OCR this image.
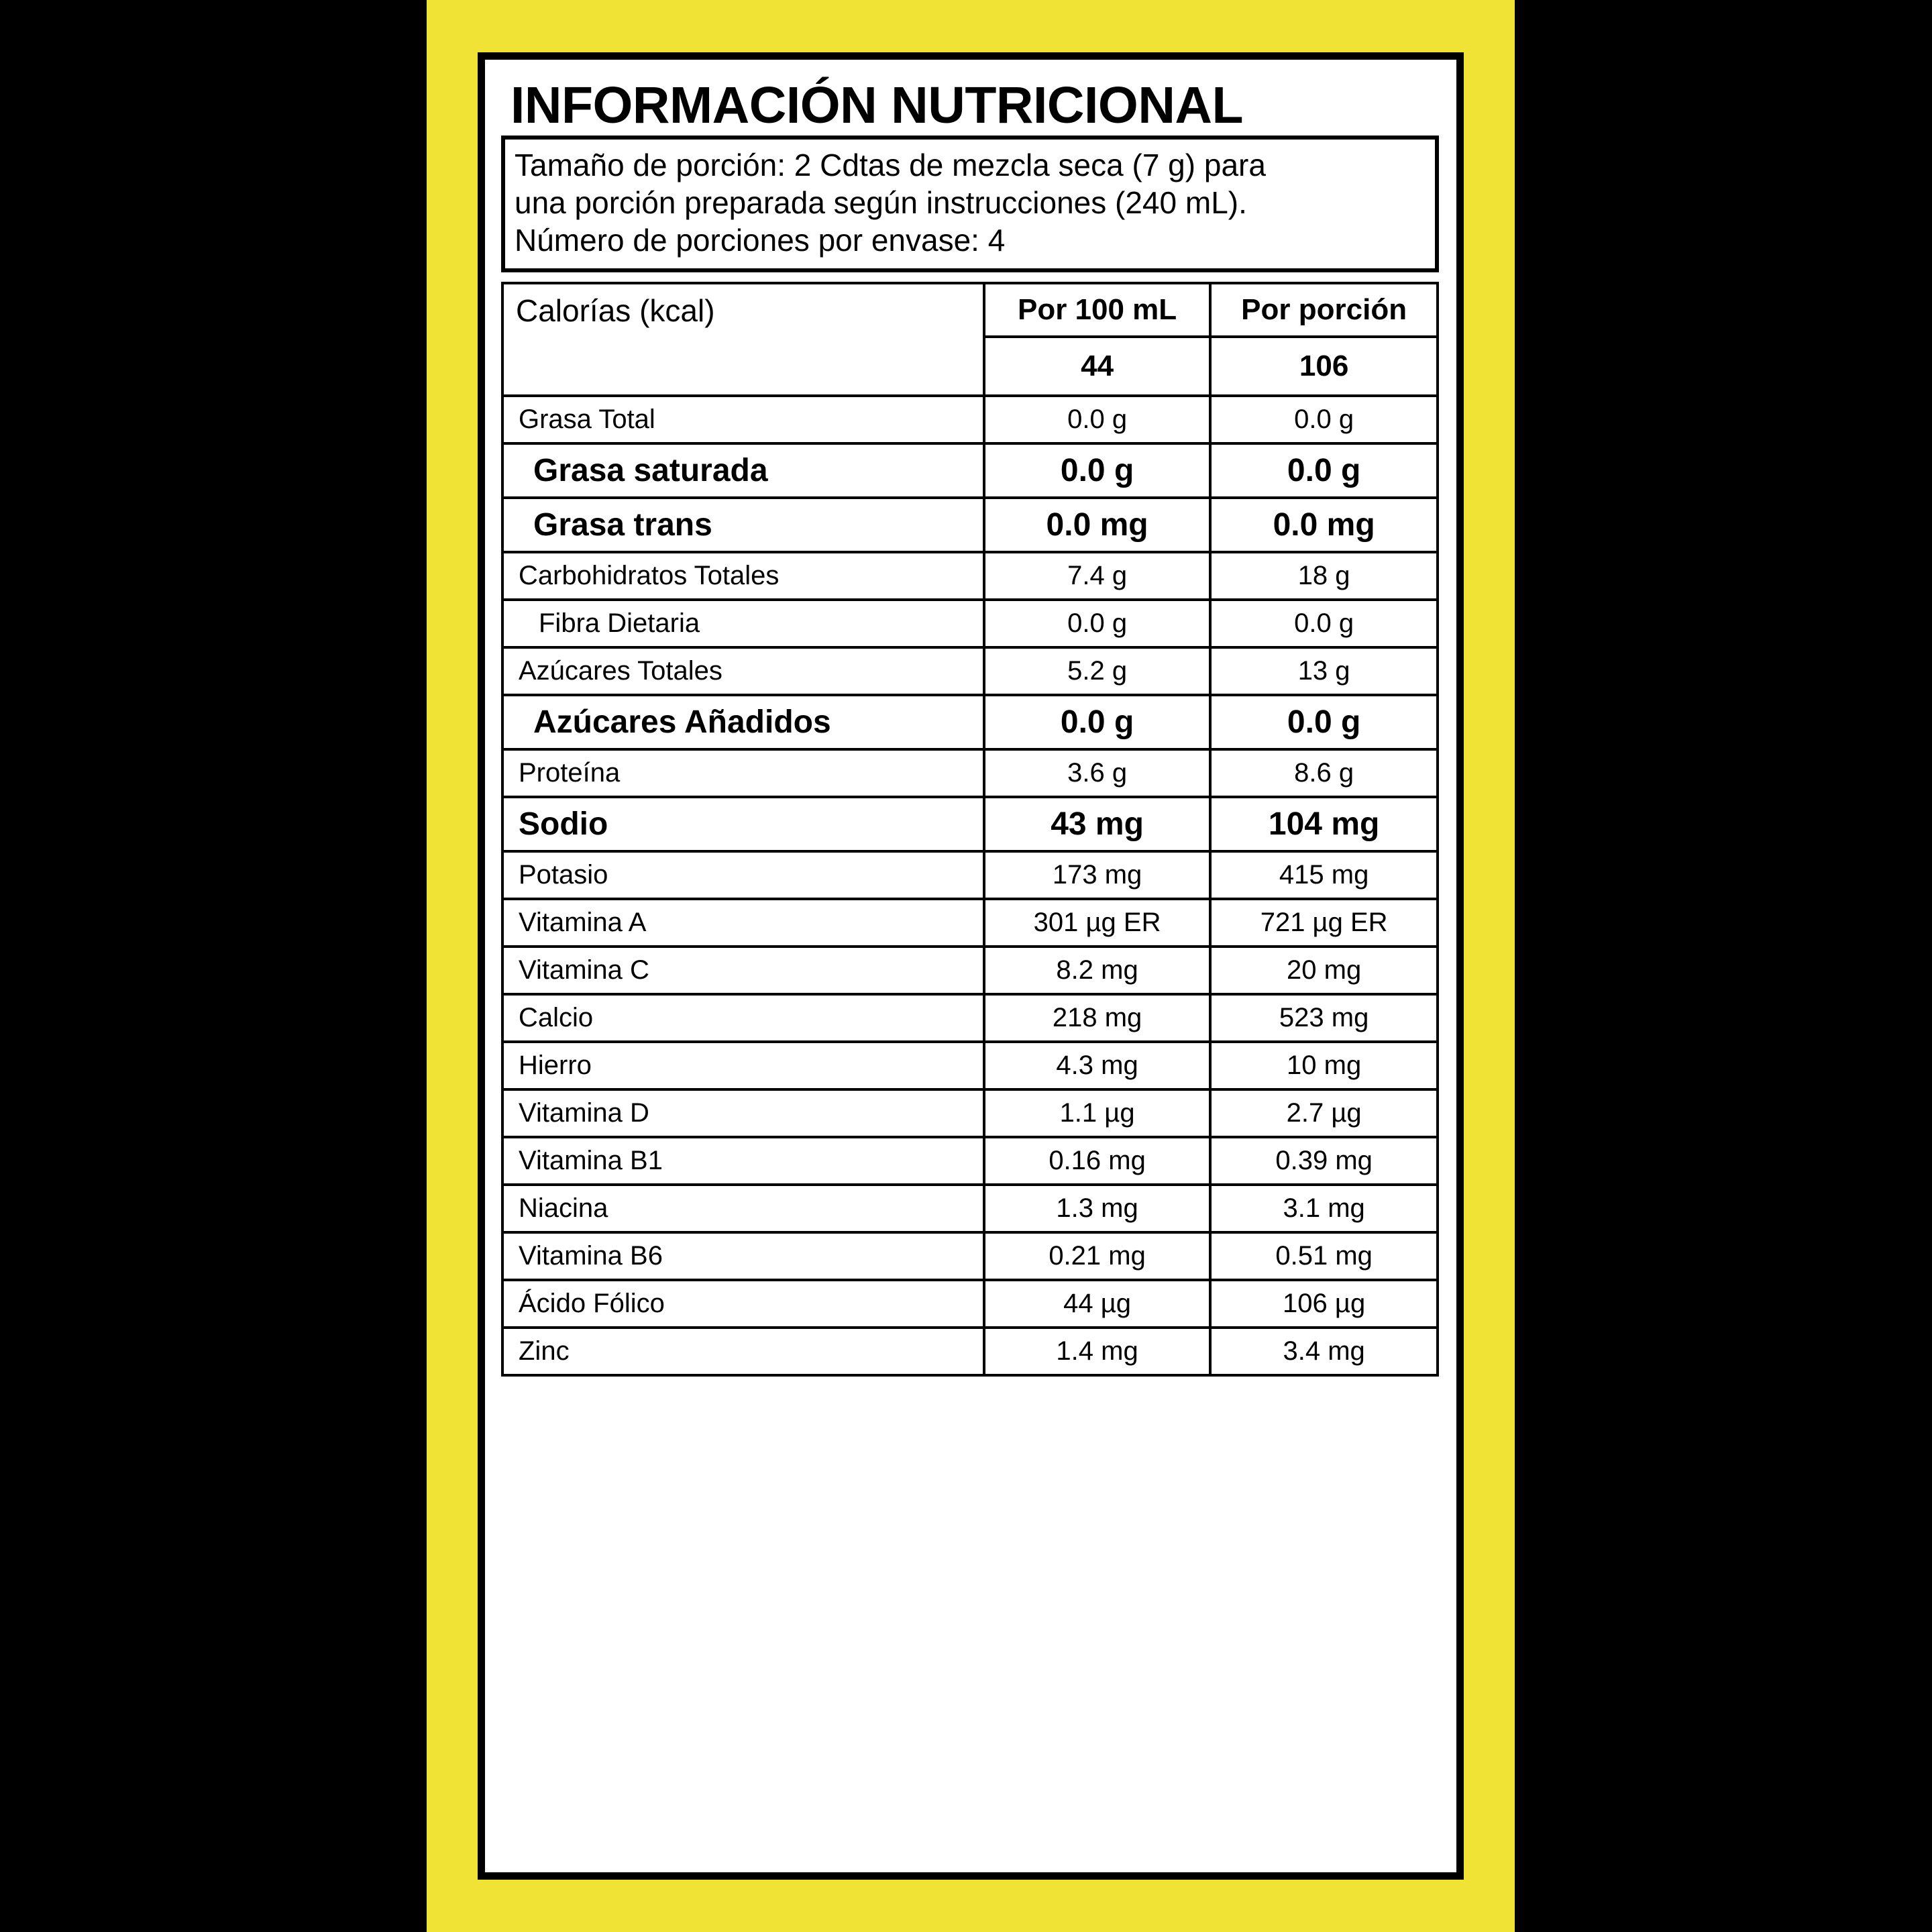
INFORMACIÓN NUTRICIONAL
Tamaño de porción: 2 Cdtas de mezcla seca (7 g) para
una porción preparada según instrucciones (240 mL).
Número de porciones por envase: 4
Calorías (kcal)	Por 100 mL	Por porción
	44	106
Grasa Total	0.0 g	0.0 g
Grasa saturada	0.0 g	0.0 g
Grasa trans	0.0 mg	0.0 mg
Carbohidratos Totales	7.4 g	18 g
Fibra Dietaria	0.0 g	0.0 g
Azúcares Totales	5.2 g	13 g
Azúcares Añadidos	0.0 g	0.0 g
Proteína	3.6 g	8.6 g
Sodio	43 mg	104 mg
Potasio	173 mg	415 mg
Vitamina A	301 µg ER	721 µg ER
Vitamina C	8.2 mg	20 mg
Calcio	218 mg	523 mg
Hierro	4.3 mg	10 mg
Vitamina D	1.1 µg	2.7 µg
Vitamina B1	0.16 mg	0.39 mg
Niacina	1.3 mg	3.1 mg
Vitamina B6	0.21 mg	0.51 mg
Ácido Fólico	44 µg	106 µg
Zinc	1.4 mg	3.4 mg
